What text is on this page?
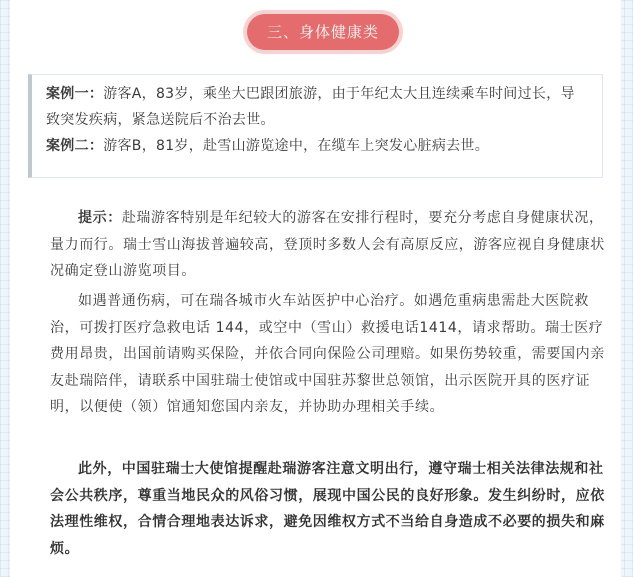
三、身体健康类
案例一：游客A，83岁，乘坐大巴跟团旅游，由于年纪太大且连续乘车时间过长，导致突发疾病，紧急送院后不治去世。
案例二：游客B，81岁，赴雪山游览途中，在缆车上突发心脏病去世。

提示：赴瑞游客特别是年纪较大的游客在安排行程时，要充分考虑自身健康状况，量力而行。瑞士雪山海拔普遍较高，登顶时多数人会有高原反应，游客应视自身健康状况确定登山游览项目。

如遇普通伤病，可在瑞各城市火车站医护中心治疗。如遇危重病患需赴大医院救治，可拨打医疗急救电话 144，或空中（雪山）救援电话1414，请求帮助。瑞士医疗费用昂贵，出国前请购买保险，并依合同向保险公司理赔。如果伤势较重，需要国内亲友赴瑞陪伴，请联系中国驻瑞士使馆或中国驻苏黎世总领馆，出示医院开具的医疗证明，以便使（领）馆通知您国内亲友，并协助办理相关手续。

此外，中国驻瑞士大使馆提醒赴瑞游客注意文明出行，遵守瑞士相关法律法规和社会公共秩序，尊重当地民众的风俗习惯，展现中国公民的良好形象。发生纠纷时，应依法理性维权，合情合理地表达诉求，避免因维权方式不当给自身造成不必要的损失和麻烦。
